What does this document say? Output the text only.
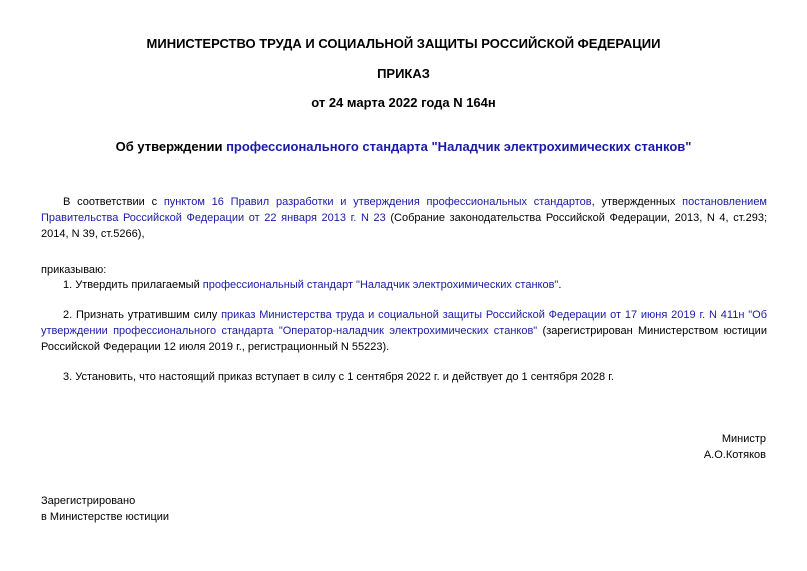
МИНИСТЕРСТВО ТРУДА И СОЦИАЛЬНОЙ ЗАЩИТЫ РОССИЙСКОЙ ФЕДЕРАЦИИ
ПРИКАЗ
от 24 марта 2022 года N 164н
Об утверждении профессионального стандарта "Наладчик электрохимических станков"
В соответствии с пунктом 16 Правил разработки и утверждения профессиональных стандартов, утвержденных постановлением Правительства Российской Федерации от 22 января 2013 г. N 23 (Собрание законодательства Российской Федерации, 2013, N 4, ст.293; 2014, N 39, ст.5266),
приказываю:
1. Утвердить прилагаемый профессиональный стандарт "Наладчик электрохимических станков".
2. Признать утратившим силу приказ Министерства труда и социальной защиты Российской Федерации от 17 июня 2019 г. N 411н "Об утверждении профессионального стандарта "Оператор-наладчик электрохимических станков" (зарегистрирован Министерством юстиции Российской Федерации 12 июля 2019 г., регистрационный N 55223).
3. Установить, что настоящий приказ вступает в силу с 1 сентября 2022 г. и действует до 1 сентября 2028 г.
Министр
А.О.Котяков
Зарегистрировано
в Министерстве юстиции
